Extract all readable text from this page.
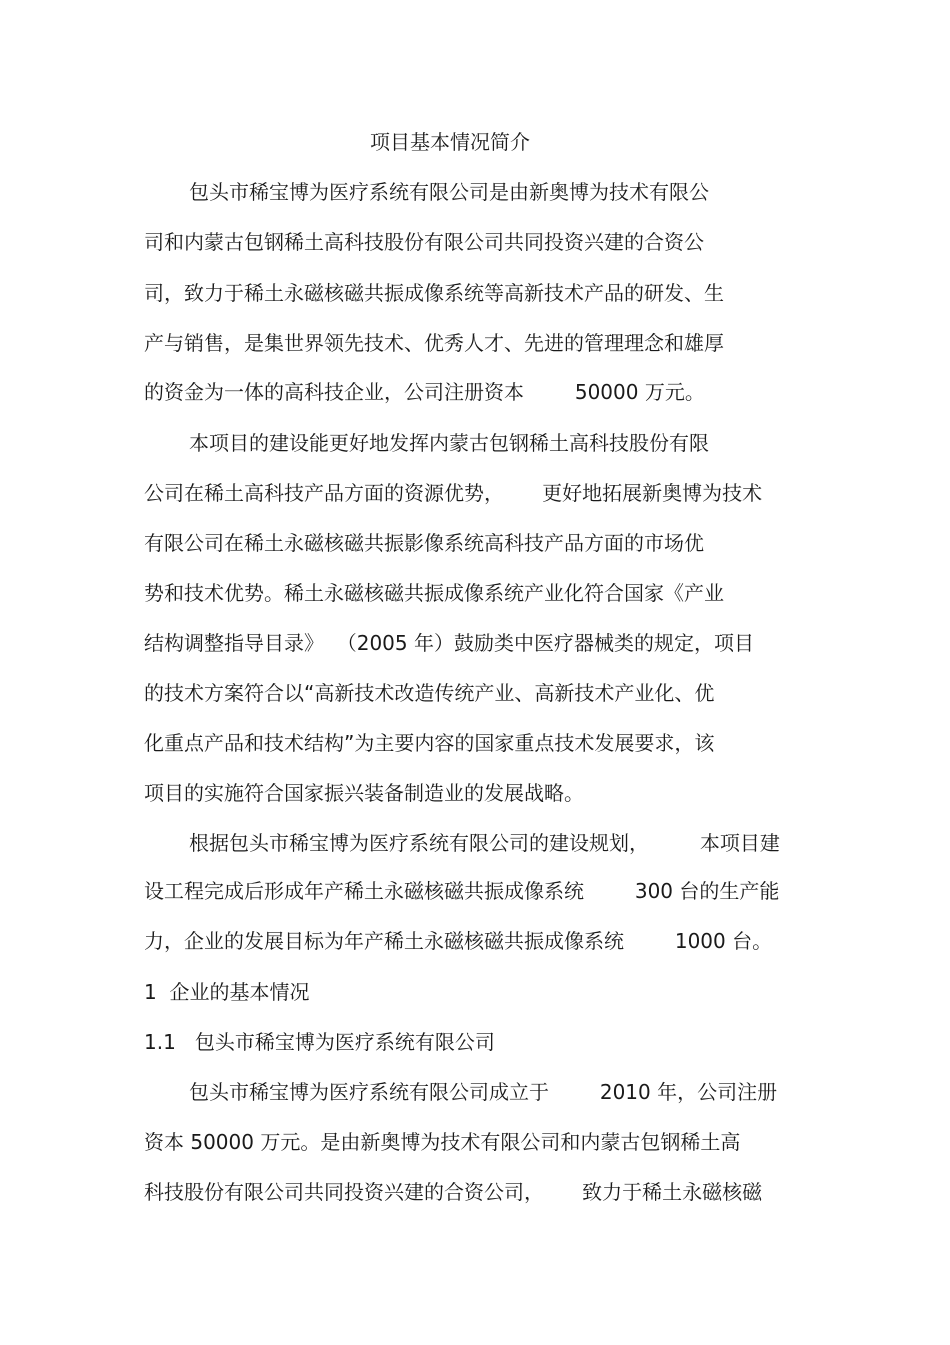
项目基本情况简介
包头市稀宝博为医疗系统有限公司是由新奥博为技术有限公
司和内蒙古包钢稀土高科技股份有限公司共同投资兴建的合资公
司，致力于稀土永磁核磁共振成像系统等高新技术产品的研发、生
产与销售，是集世界领先技术、优秀人才、先进的管理理念和雄厚
的资金为一体的高科技企业，公司注册资本        50000 万元。
本项目的建设能更好地发挥内蒙古包钢稀土高科技股份有限
公司在稀土高科技产品方面的资源优势，      更好地拓展新奥博为技术
有限公司在稀土永磁核磁共振影像系统高科技产品方面的市场优
势和技术优势。稀土永磁核磁共振成像系统产业化符合国家《产业
结构调整指导目录》  （2005 年）鼓励类中医疗器械类的规定，项目
的技术方案符合以“高新技术改造传统产业、高新技术产业化、优
化重点产品和技术结构”为主要内容的国家重点技术发展要求，该
项目的实施符合国家振兴装备制造业的发展战略。
根据包头市稀宝博为医疗系统有限公司的建设规划，        本项目建
设工程完成后形成年产稀土永磁核磁共振成像系统        300 台的生产能
力，企业的发展目标为年产稀土永磁核磁共振成像系统        1000 台。
1  企业的基本情况
1.1   包头市稀宝博为医疗系统有限公司
包头市稀宝博为医疗系统有限公司成立于        2010 年，公司注册
资本 50000 万元。是由新奥博为技术有限公司和内蒙古包钢稀土高
科技股份有限公司共同投资兴建的合资公司，      致力于稀土永磁核磁
